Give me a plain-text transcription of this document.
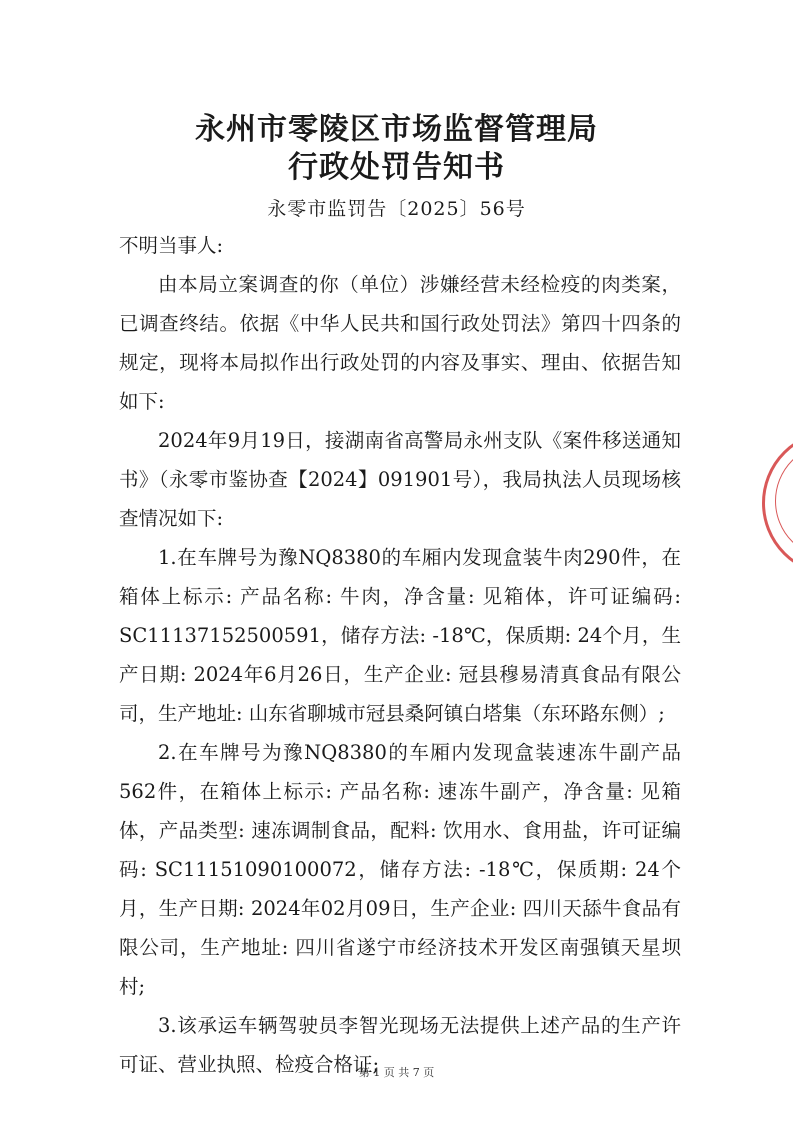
永州市零陵区市场监督管理局
行政处罚告知书
永零市监罚告〔2025〕56号

不明当事人:

由本局立案调查的你（单位）涉嫌经营未经检疫的肉类案，已调查终结。依据《中华人民共和国行政处罚法》第四十四条的规定，现将本局拟作出行政处罚的内容及事实、理由、依据告知如下:

2024年9月19日，接湖南省高警局永州支队《案件移送通知书》（永零市鉴协查【2024】091901号），我局执法人员现场核查情况如下:

1.在车牌号为豫NQ8380的车厢内发现盒装牛肉290件，在箱体上标示: 产品名称: 牛肉，净含量: 见箱体，许可证编码: SC11137152500591，储存方法: -18℃，保质期: 24个月，生产日期: 2024年6月26日，生产企业: 冠县穆易清真食品有限公司，生产地址: 山东省聊城市冠县桑阿镇白塔集（东环路东侧）;

2.在车牌号为豫NQ8380的车厢内发现盒装速冻牛副产品562件，在箱体上标示: 产品名称: 速冻牛副产，净含量: 见箱体，产品类型: 速冻调制食品，配料: 饮用水、食用盐，许可证编码: SC11151090100072，储存方法: -18℃，保质期: 24个月，生产日期: 2024年02月09日，生产企业: 四川天舔牛食品有限公司，生产地址: 四川省遂宁市经济技术开发区南强镇天星坝村;

3.该承运车辆驾驶员李智光现场无法提供上述产品的生产许可证、营业执照、检疫合格证;

第 1 页 共 7 页
